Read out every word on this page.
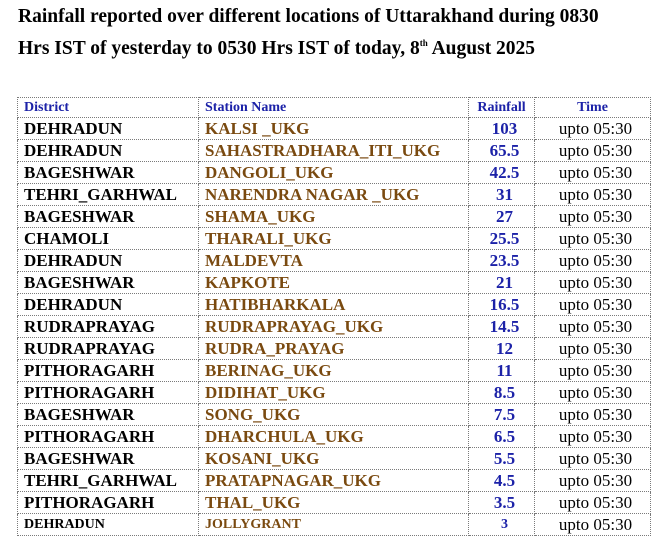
Rainfall reported over different locations of Uttarakhand during 0830
Hrs IST of yesterday to 0530 Hrs IST of today, 8th August 2025
District	Station Name	Rainfall	Time
DEHRADUN	KALSI _UKG	103	upto 05:30
DEHRADUN	SAHASTRADHARA_ITI_UKG	65.5	upto 05:30
BAGESHWAR	DANGOLI_UKG	42.5	upto 05:30
TEHRI_GARHWAL	NARENDRA NAGAR _UKG	31	upto 05:30
BAGESHWAR	SHAMA_UKG	27	upto 05:30
CHAMOLI	THARALI_UKG	25.5	upto 05:30
DEHRADUN	MALDEVTA	23.5	upto 05:30
BAGESHWAR	KAPKOTE	21	upto 05:30
DEHRADUN	HATIBHARKALA	16.5	upto 05:30
RUDRAPRAYAG	RUDRAPRAYAG_UKG	14.5	upto 05:30
RUDRAPRAYAG	RUDRA_PRAYAG	12	upto 05:30
PITHORAGARH	BERINAG_UKG	11	upto 05:30
PITHORAGARH	DIDIHAT_UKG	8.5	upto 05:30
BAGESHWAR	SONG_UKG	7.5	upto 05:30
PITHORAGARH	DHARCHULA_UKG	6.5	upto 05:30
BAGESHWAR	KOSANI_UKG	5.5	upto 05:30
TEHRI_GARHWAL	PRATAPNAGAR_UKG	4.5	upto 05:30
PITHORAGARH	THAL_UKG	3.5	upto 05:30
DEHRADUN	JOLLYGRANT	3	upto 05:30
